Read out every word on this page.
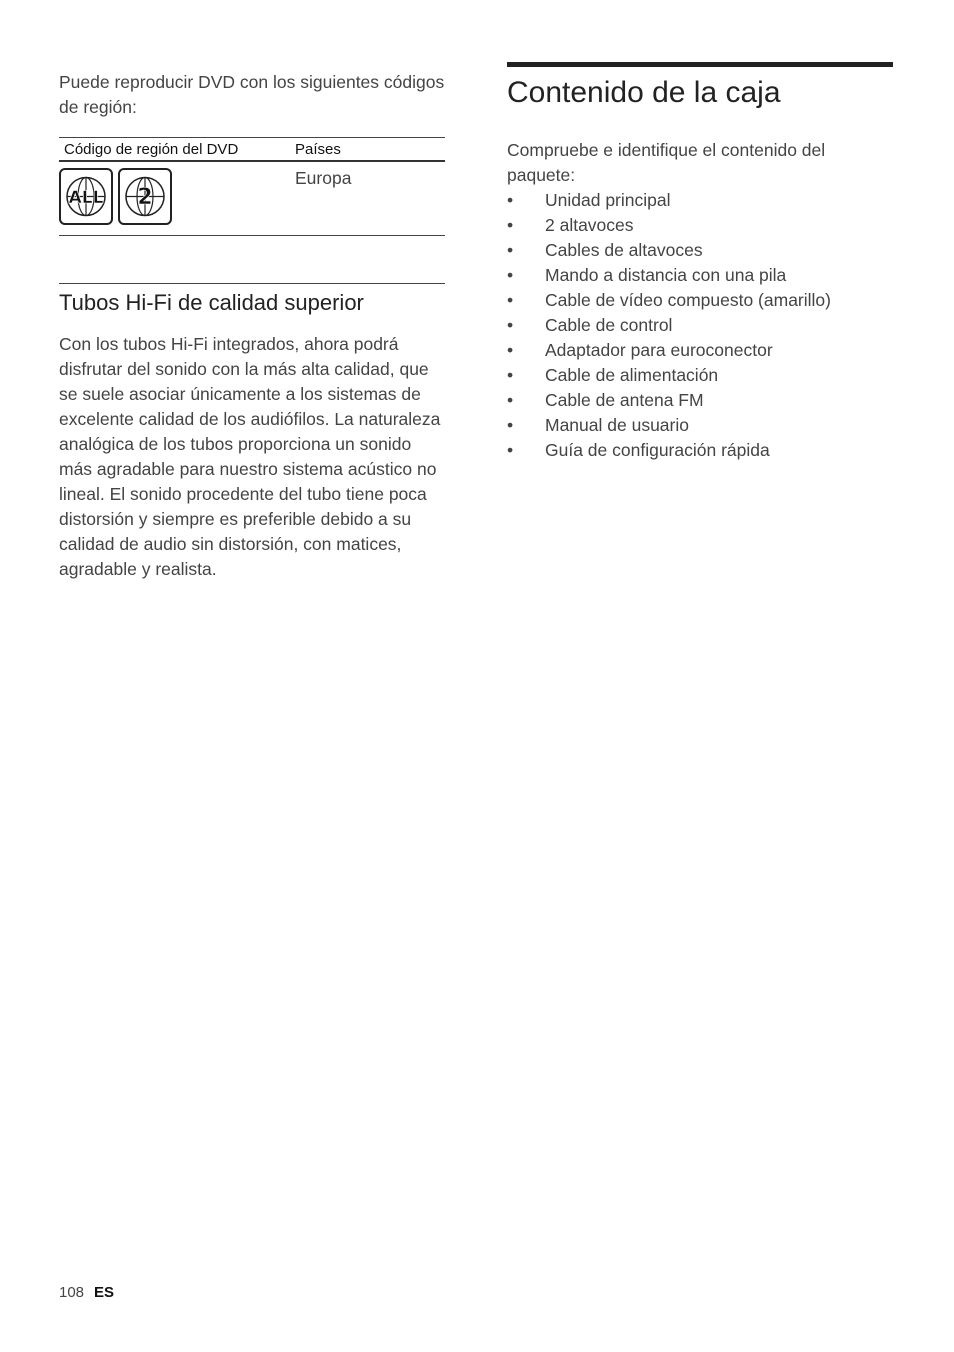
Puede reproducir DVD con los siguientes códigos de región:

Código de región del DVD	Países

ALL 2	Europa
Tubos Hi-Fi de calidad superior

Con los tubos Hi-Fi integrados, ahora podrá disfrutar del sonido con la más alta calidad, que se suele asociar únicamente a los sistemas de excelente calidad de los audiófilos. La naturaleza analógica de los tubos proporciona un sonido más agradable para nuestro sistema acústico no lineal. El sonido procedente del tubo tiene poca distorsión y siempre es preferible debido a su calidad de audio sin distorsión, con matices, agradable y realista.

Contenido de la caja

Compruebe e identifique el contenido del paquete:

• Unidad principal
• 2 altavoces
• Cables de altavoces
• Mando a distancia con una pila
• Cable de vídeo compuesto (amarillo)
• Cable de control
• Adaptador para euroconector
• Cable de alimentación
• Cable de antena FM
• Manual de usuario
• Guía de configuración rápida
108 ES
